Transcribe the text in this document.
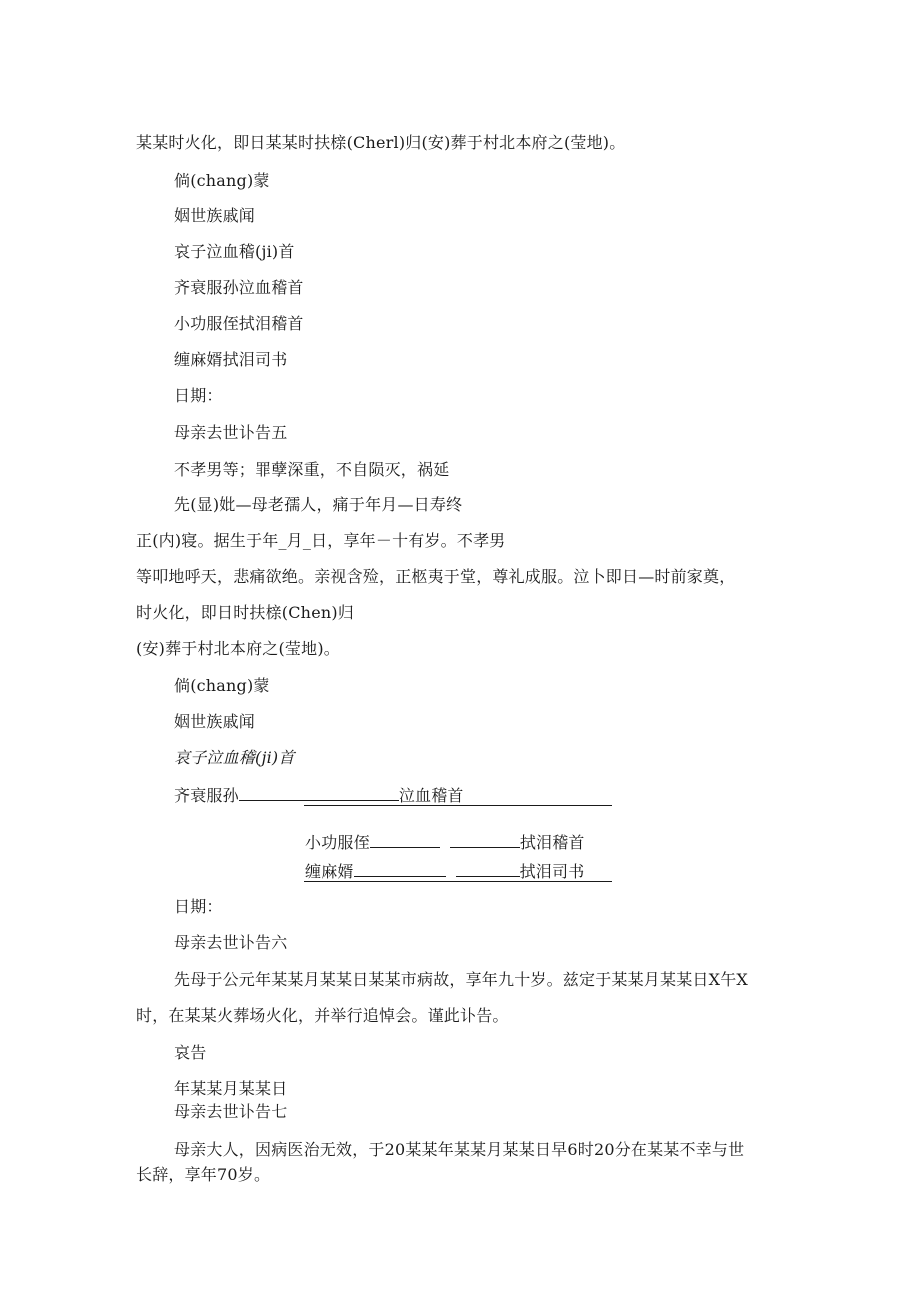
某某时火化，即日某某时扶榇(Cherl)归(安)葬于村北本府之(莹地)。
倘(chang)蒙
姻世族戚闻
哀子泣血稽(ji)首
齐衰服孙泣血稽首
小功服侄拭泪稽首
缠麻婿拭泪司书
日期：
母亲去世讣告五
不孝男等；罪孽深重，不自陨灭，祸延
先(显)妣—母老孺人，痛于年月—日寿终
正(内)寝。据生于年_月_日，享年－十有岁。不孝男
等叩地呼天，悲痛欲绝。亲视含殓，正柩夷于堂，尊礼成服。泣卜即日—时前家奠，
时火化，即日时扶榇(Chen)归
(安)葬于村北本府之(莹地)。
倘(chang)蒙
姻世族戚闻
哀子泣血稽(ji)首
齐衰服孙	泣血稽首
小功服侄	拭泪稽首
缠麻婿	拭泪司书
日期：
母亲去世讣告六
先母于公元年某某月某某日某某市病故，享年九十岁。兹定于某某月某某日X午X
时，在某某火葬场火化，并举行追悼会。谨此讣告。
哀告
年某某月某某日
母亲去世讣告七
母亲大人，因病医治无效，于20某某年某某月某某日早6时20分在某某不幸与世
长辞，享年70岁。
